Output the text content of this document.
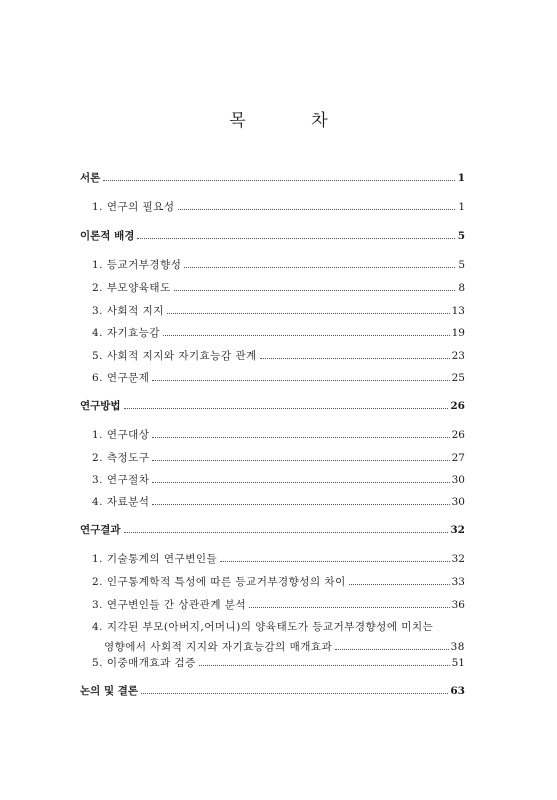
목 차
서론	1
1. 연구의 필요성	1
이론적 배경	5
1. 등교거부경향성	5
2. 부모양육태도	8
3. 사회적 지지	13
4. 자기효능감	19
5. 사회적 지지와 자기효능감 관계	23
6. 연구문제	25
연구방법	26
1. 연구대상	26
2. 측정도구	27
3. 연구절차	30
4. 자료분석	30
연구결과	32
1. 기술통계의 연구변인들	32
2. 인구통계학적 특성에 따른 등교거부경향성의 차이	33
3. 연구변인들 간 상관관계 분석	36
4. 지각된 부모(아버지,어머니)의 양육태도가 등교거부경향성에 미치는
영향에서 사회적 지지와 자기효능감의 매개효과	38
5. 이중매개효과 검증	51
논의 및 결론	63
